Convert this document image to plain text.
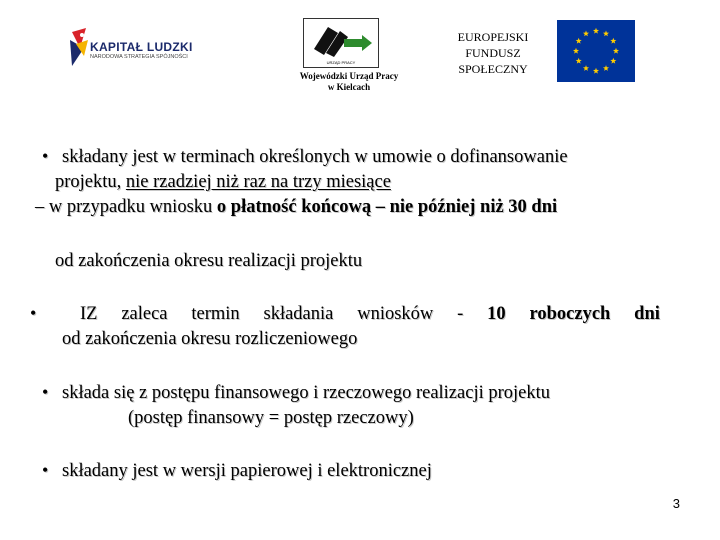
KAPITAŁ LUDZKI
NARODOWA STRATEGIA SPÓJNOŚCI
URZĄD PRACY
Wojewódzki Urząd Pracy
w Kielcach
EUROPEJSKI
FUNDUSZ
SPOŁECZNY
• składany jest w terminach określonych w umowie o dofinansowanie
projektu, nie rzadziej niż raz na trzy miesiące
– w przypadku wniosku o płatność końcową – nie później niż 30 dni
od zakończenia okresu realizacji projektu
• IZ zaleca termin składania wniosków - 10 roboczych dni
od zakończenia okresu rozliczeniowego
• składa się z postępu finansowego i rzeczowego realizacji projektu
(postęp finansowy = postęp rzeczowy)
• składany jest w wersji papierowej i elektronicznej
3
